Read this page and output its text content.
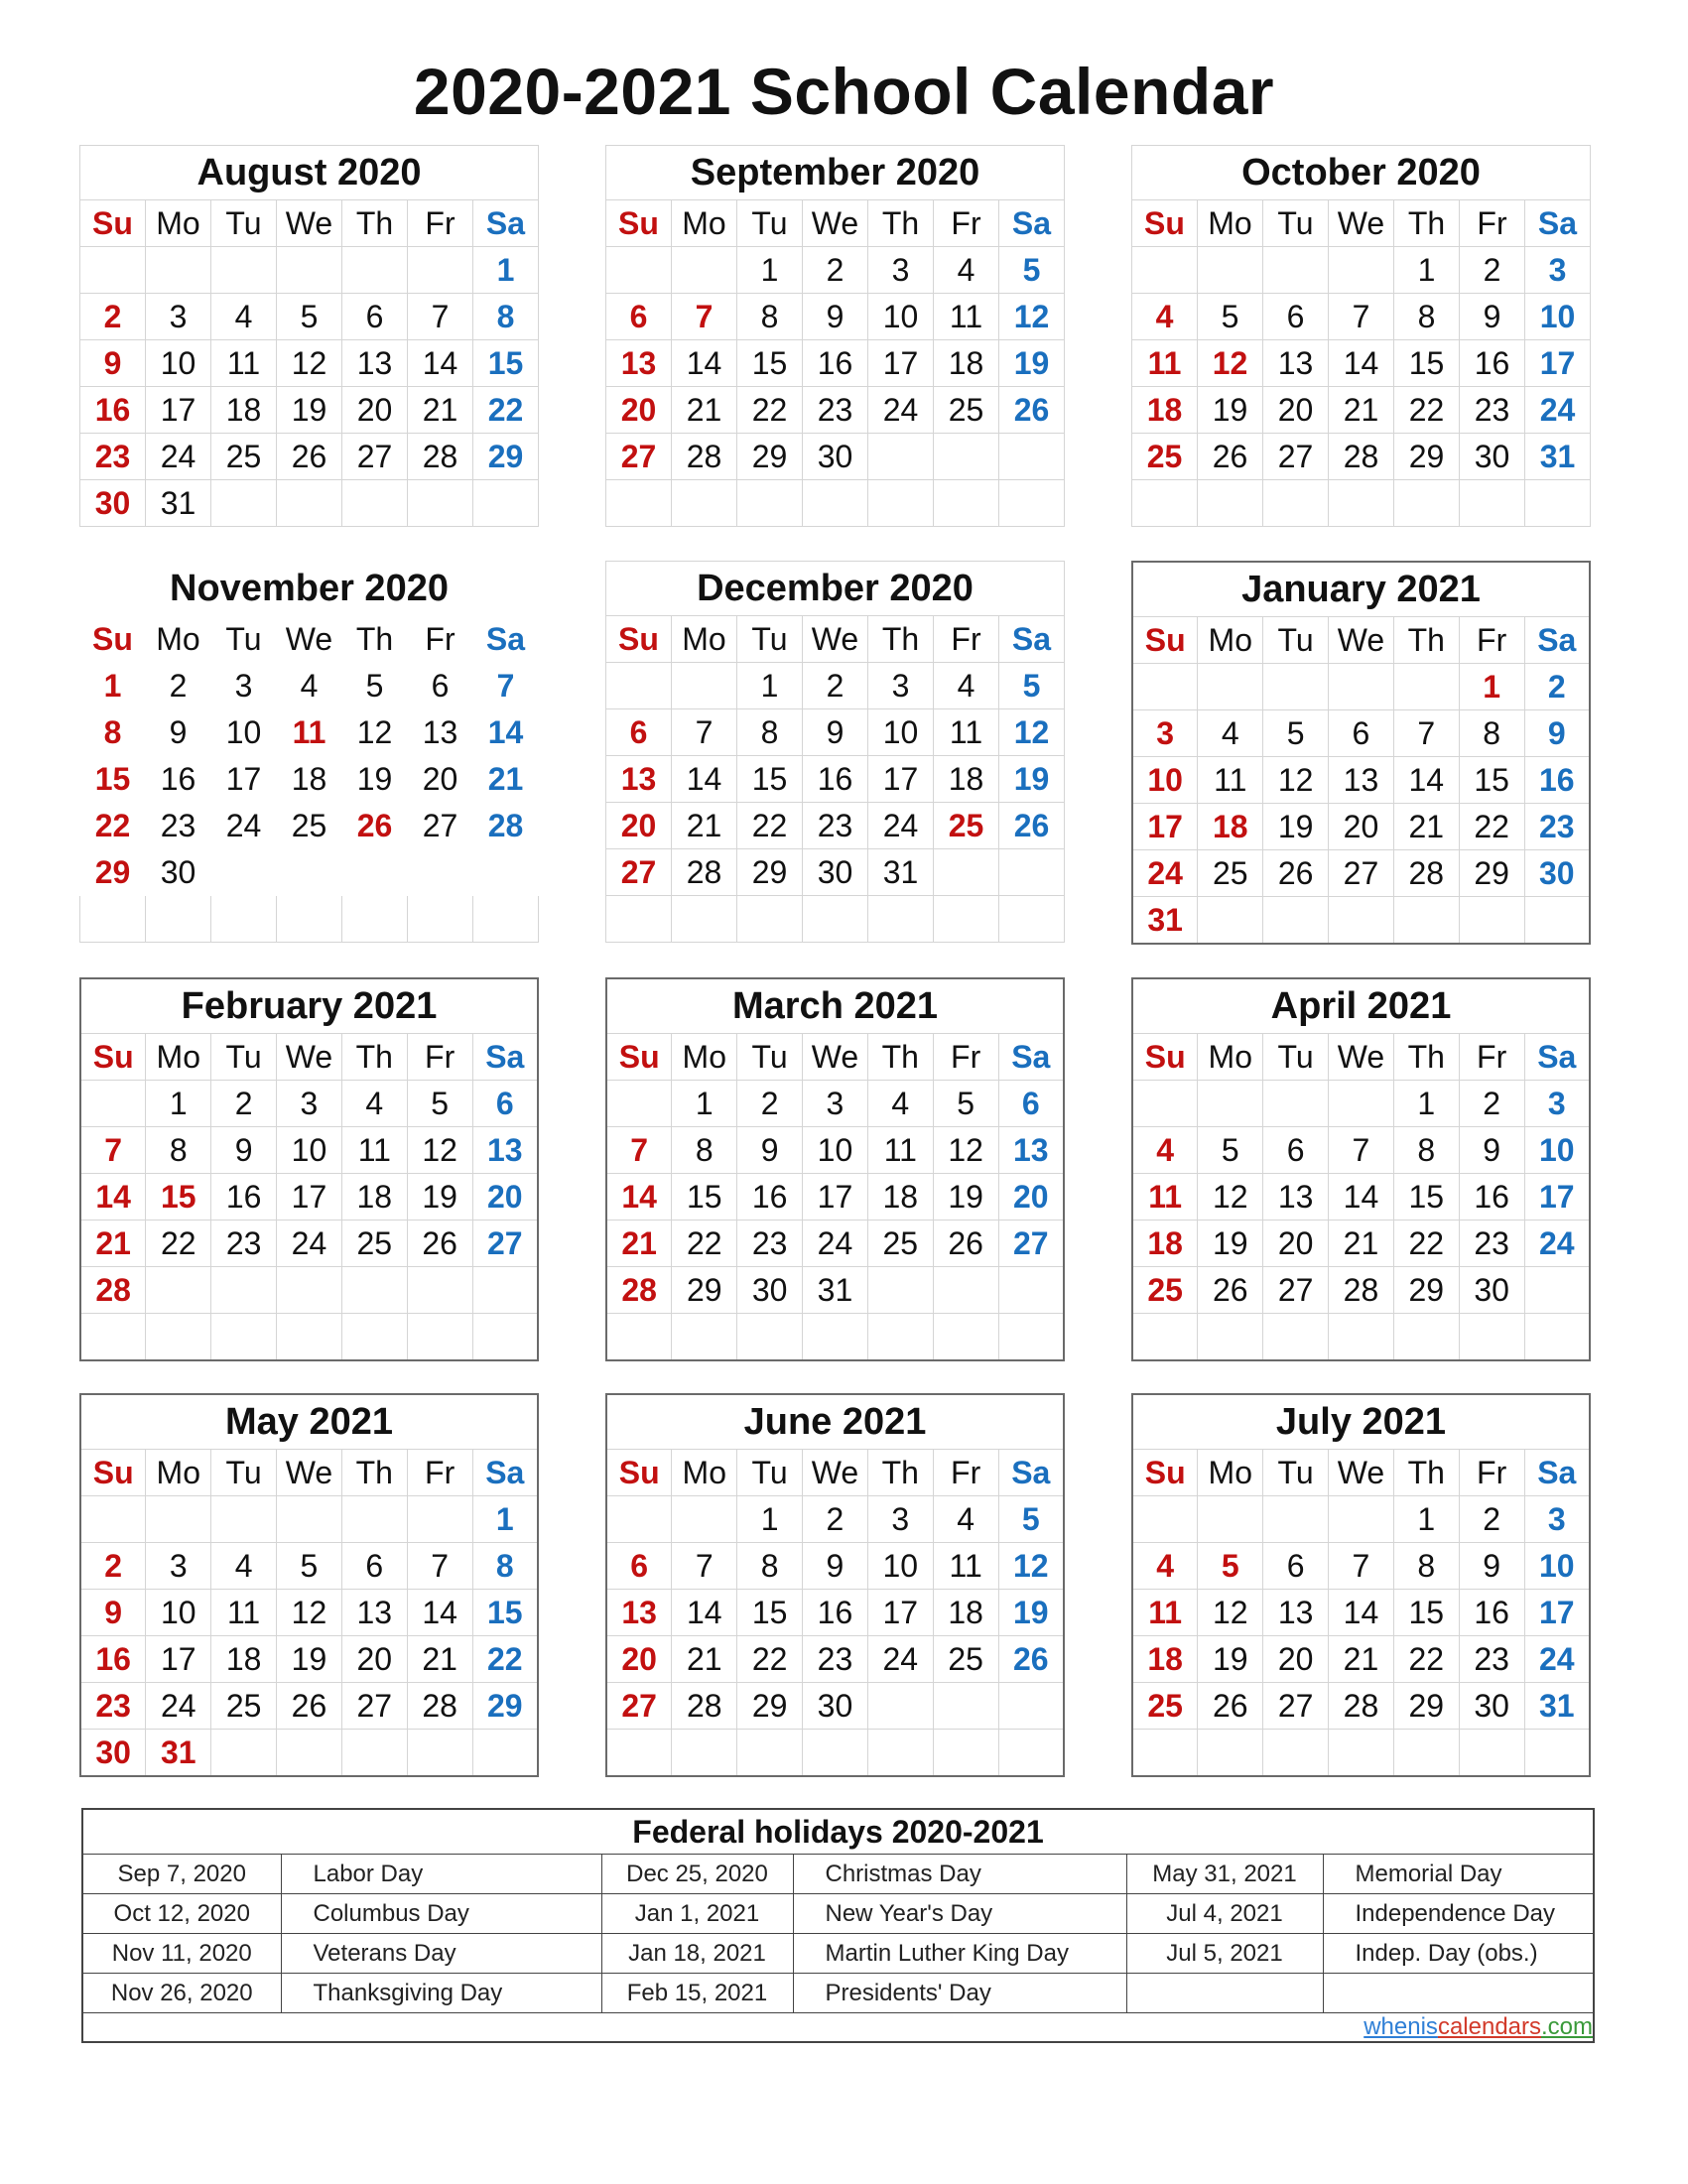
2020-2021 School Calendar
August 2020						
Su	Mo	Tu	We	Th	Fr	Sa
						1
2	3	4	5	6	7	8
9	10	11	12	13	14	15
16	17	18	19	20	21	22
23	24	25	26	27	28	29
30	31					
September 2020						
Su	Mo	Tu	We	Th	Fr	Sa
		1	2	3	4	5
6	7	8	9	10	11	12
13	14	15	16	17	18	19
20	21	22	23	24	25	26
27	28	29	30			

October 2020						
Su	Mo	Tu	We	Th	Fr	Sa
				1	2	3
4	5	6	7	8	9	10
11	12	13	14	15	16	17
18	19	20	21	22	23	24
25	26	27	28	29	30	31

November 2020						
Su	Mo	Tu	We	Th	Fr	Sa
1	2	3	4	5	6	7
8	9	10	11	12	13	14
15	16	17	18	19	20	21
22	23	24	25	26	27	28
29	30					

December 2020						
Su	Mo	Tu	We	Th	Fr	Sa
		1	2	3	4	5
6	7	8	9	10	11	12
13	14	15	16	17	18	19
20	21	22	23	24	25	26
27	28	29	30	31		

January 2021						
Su	Mo	Tu	We	Th	Fr	Sa
					1	2
3	4	5	6	7	8	9
10	11	12	13	14	15	16
17	18	19	20	21	22	23
24	25	26	27	28	29	30
31						
February 2021						
Su	Mo	Tu	We	Th	Fr	Sa
	1	2	3	4	5	6
7	8	9	10	11	12	13
14	15	16	17	18	19	20
21	22	23	24	25	26	27
28						

March 2021						
Su	Mo	Tu	We	Th	Fr	Sa
	1	2	3	4	5	6
7	8	9	10	11	12	13
14	15	16	17	18	19	20
21	22	23	24	25	26	27
28	29	30	31			

April 2021						
Su	Mo	Tu	We	Th	Fr	Sa
				1	2	3
4	5	6	7	8	9	10
11	12	13	14	15	16	17
18	19	20	21	22	23	24
25	26	27	28	29	30	

May 2021						
Su	Mo	Tu	We	Th	Fr	Sa
						1
2	3	4	5	6	7	8
9	10	11	12	13	14	15
16	17	18	19	20	21	22
23	24	25	26	27	28	29
30	31					
June 2021						
Su	Mo	Tu	We	Th	Fr	Sa
		1	2	3	4	5
6	7	8	9	10	11	12
13	14	15	16	17	18	19
20	21	22	23	24	25	26
27	28	29	30			

July 2021						
Su	Mo	Tu	We	Th	Fr	Sa
				1	2	3
4	5	6	7	8	9	10
11	12	13	14	15	16	17
18	19	20	21	22	23	24
25	26	27	28	29	30	31

Federal holidays 2020-2021					
Sep 7, 2020	Labor Day	Dec 25, 2020	Christmas Day	May 31, 2021	Memorial Day
Oct 12, 2020	Columbus Day	Jan 1, 2021	New Year's Day	Jul 4, 2021	Independence Day
Nov 11, 2020	Veterans Day	Jan 18, 2021	Martin Luther King Day	Jul 5, 2021	Indep. Day (obs.)
Nov 26, 2020	Thanksgiving Day	Feb 15, 2021	Presidents' Day		
wheniscalendars.com					
